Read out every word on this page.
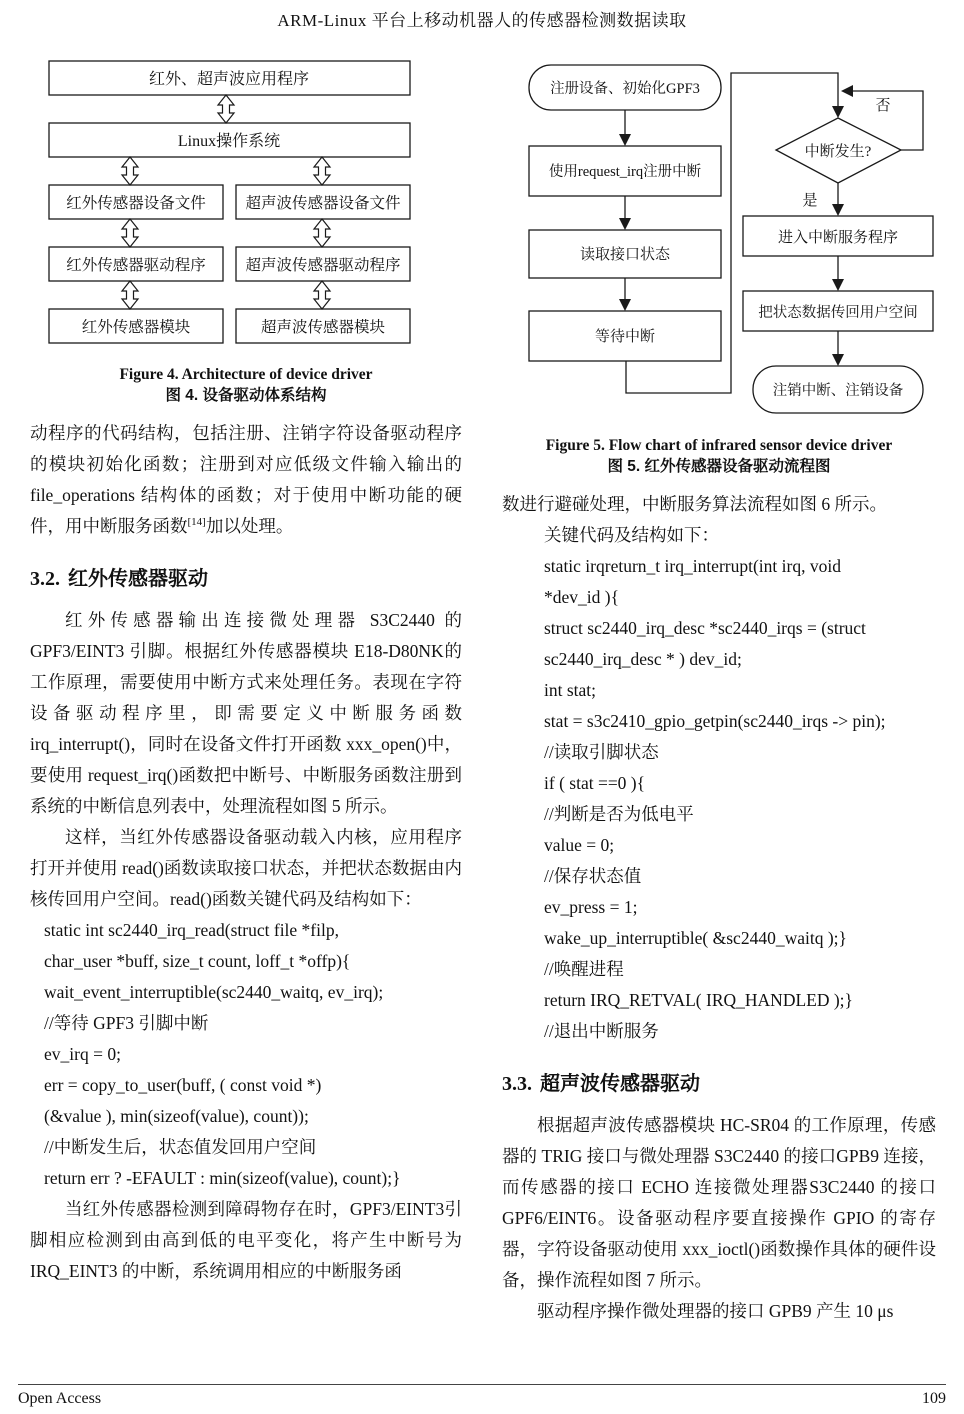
ARM-Linux 平台上移动机器人的传感器检测数据读取
红外、超声波应用程序
Linux操作系统
红外传感器设备文件	超声波传感器设备文件
红外传感器驱动程序	超声波传感器驱动程序
红外传感器模块	超声波传感器模块
Figure 4. Architecture of device driver
图 4. 设备驱动体系结构

动程序的代码结构，包括注册、注销字符设备驱动程序的模块初始化函数；注册到对应低级文件输入输出的 file_operations 结构体的函数；对于使用中断功能的硬件，用中断服务函数[14]加以处理。

3.2. 红外传感器驱动

红外传感器输出连接微处理器 S3C2440 的GPF3/EINT3 引脚。根据红外传感器模块 E18-D80NK的工作原理，需要使用中断方式来处理任务。表现在字符设备驱动程序里，即需要定义中断服务函数irq_interrupt()，同时在设备文件打开函数 xxx_open()中，要使用 request_irq()函数把中断号、中断服务函数注册到系统的中断信息列表中，处理流程如图 5 所示。

这样，当红外传感器设备驱动载入内核，应用程序打开并使用 read()函数读取接口状态，并把状态数据由内核传回用户空间。read()函数关键代码及结构如下：

static int sc2440_irq_read(struct file *filp,
char_user *buff, size_t count, loff_t *offp){
wait_event_interruptible(sc2440_waitq, ev_irq);
//等待 GPF3 引脚中断
ev_irq = 0;
err = copy_to_user(buff, ( const void *)
(&value ), min(sizeof(value), count));
//中断发生后，状态值发回用户空间
return err ? -EFAULT : min(sizeof(value), count);}

当红外传感器检测到障碍物存在时，GPF3/EINT3引脚相应检测到由高到低的电平变化，将产生中断号为 IRQ_EINT3 的中断，系统调用相应的中断服务函

注册设备、初始化GPF3
使用request_irq注册中断
读取接口状态
等待中断
中断发生?
否
是
进入中断服务程序
把状态数据传回用户空间
注销中断、注销设备
Figure 5. Flow chart of infrared sensor device driver
图 5. 红外传感器设备驱动流程图

数进行避碰处理，中断服务算法流程如图 6 所示。

关键代码及结构如下：
static irqreturn_t irq_interrupt(int irq, void
*dev_id ){
struct sc2440_irq_desc *sc2440_irqs = (struct
sc2440_irq_desc * ) dev_id;
int stat;
stat = s3c2410_gpio_getpin(sc2440_irqs -> pin);
//读取引脚状态
if ( stat ==0 ){
//判断是否为低电平
value = 0;
//保存状态值
ev_press = 1;
wake_up_interruptible( &sc2440_waitq );}
//唤醒进程
return IRQ_RETVAL( IRQ_HANDLED );}
//退出中断服务
3.3. 超声波传感器驱动

根据超声波传感器模块 HC-SR04 的工作原理，传感器的 TRIG 接口与微处理器 S3C2440 的接口GPB9 连接，而传感器的接口 ECHO 连接微处理器S3C2440 的接口 GPF6/EINT6。设备驱动程序要直接操作 GPIO 的寄存器，字符设备驱动使用 xxx_ioctl()函数操作具体的硬件设备，操作流程如图 7 所示。

驱动程序操作微处理器的接口 GPB9 产生 10 μs

Open Access	109
